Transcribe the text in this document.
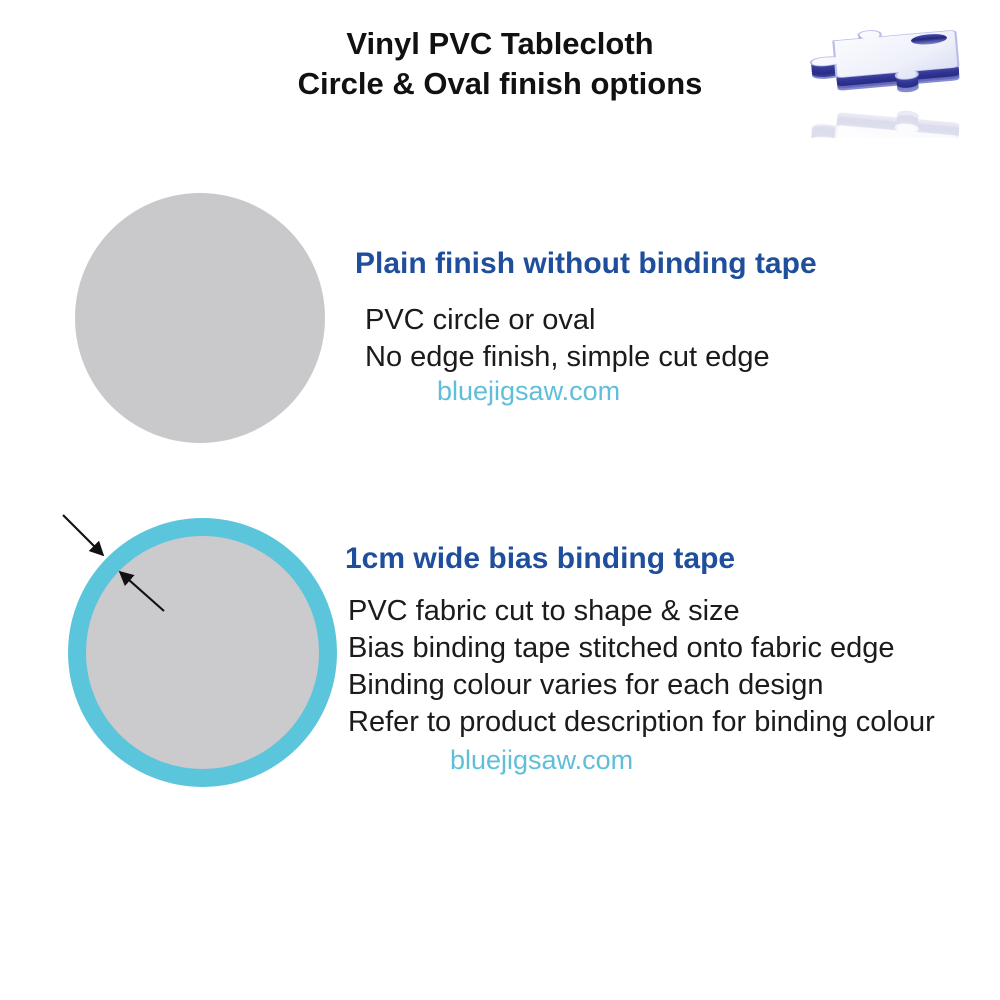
Vinyl PVC Tablecloth
Circle & Oval finish options
Plain finish without binding tape
PVC circle or oval
No edge finish, simple cut edge
bluejigsaw.com
1cm wide bias binding tape
PVC fabric cut to shape & size
Bias binding tape stitched onto fabric edge
Binding colour varies for each design
Refer to product description for binding colour
bluejigsaw.com
